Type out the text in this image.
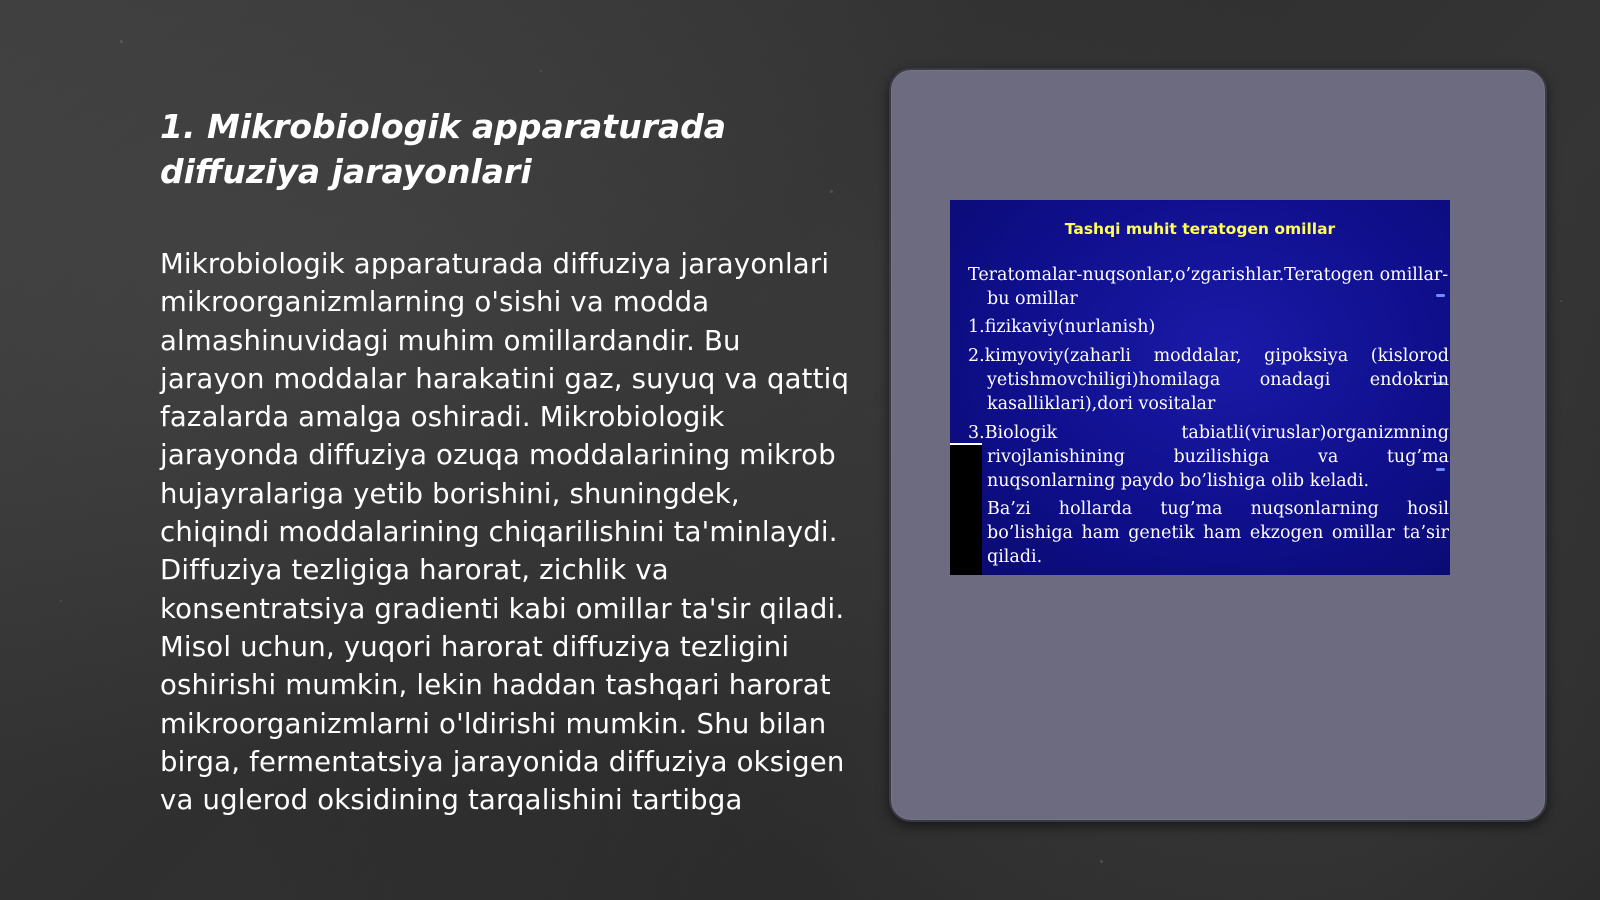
1. Mikrobiologik apparaturada diffuziya jarayonlari

Mikrobiologik apparaturada diffuziya jarayonlari mikroorganizmlarning o'sishi va modda almashinuvidagi muhim omillardandir. Bu jarayon moddalar harakatini gaz, suyuq va qattiq fazalarda amalga oshiradi. Mikrobiologik jarayonda diffuziya ozuqa moddalarining mikrob hujayralariga yetib borishini, shuningdek, chiqindi moddalarining chiqarilishini ta'minlaydi. Diffuziya tezligiga harorat, zichlik va konsentratsiya gradienti kabi omillar ta'sir qiladi. Misol uchun, yuqori harorat diffuziya tezligini oshirishi mumkin, lekin haddan tashqari harorat mikroorganizmlarni o'ldirishi mumkin. Shu bilan birga, fermentatsiya jarayonida diffuziya oksigen va uglerod oksidining tarqalishini tartibga

Tashqi muhit teratogen omillar

Teratomalar-nuqsonlar,o’zgarishlar.Teratogen omillar-bu omillar

1.fizikaviy(nurlanish)

2.kimyoviy(zaharli moddalar, gipoksiya (kislorod yetishmovchiligi)homilaga onadagi endokrin kasalliklari),dori vositalar

3.Biologik tabiatli(viruslar)organizmning rivojlanishining buzilishiga va tug’ma nuqsonlarning paydo bo’lishiga olib keladi.

Ba’zi hollarda tug’ma nuqsonlarning hosil bo’lishiga ham genetik ham ekzogen omillar ta’sir qiladi.
